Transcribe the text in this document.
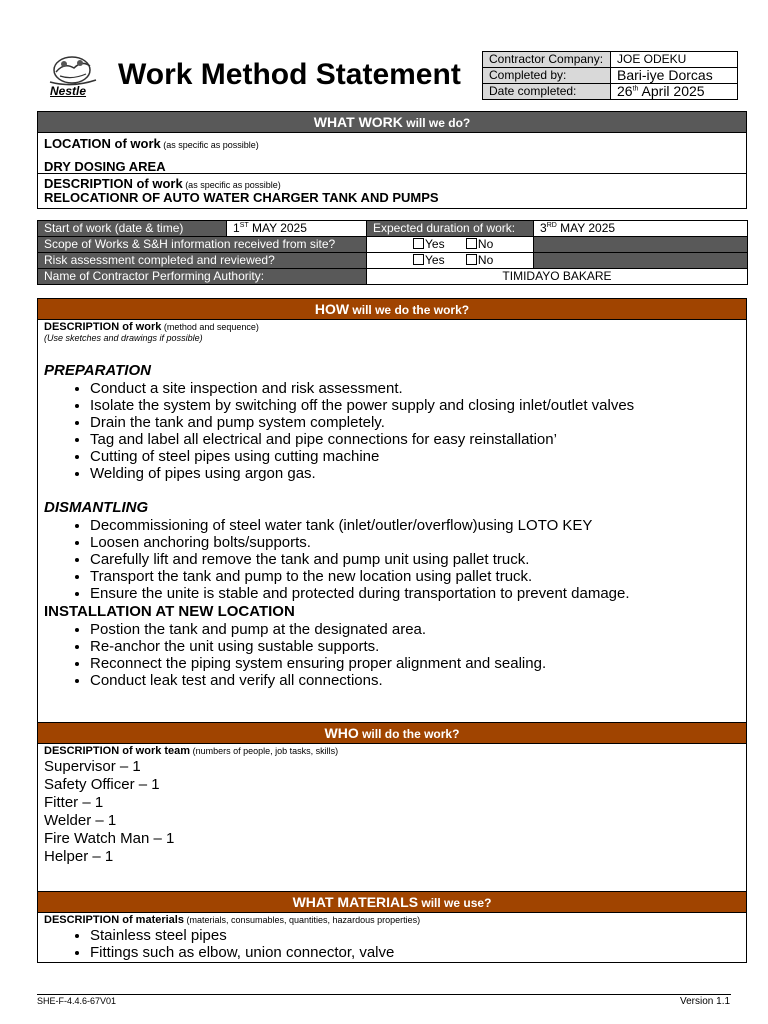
Nestle Work Method Statement Contractor Company:	JOE ODEKU
Completed by:	Bari-iye Dorcas
Date completed:	26th April 2025
WHAT WORK will we do?
LOCATION of work (as specific as possible)
DRY DOSING AREA
DESCRIPTION of work (as specific as possible)
RELOCATIONR OF AUTO WATER CHARGER TANK AND PUMPS
Start of work (date & time)	1ST MAY 2025	Expected duration of work:	3RD MAY 2025
Scope of Works & S&H information received from site?		Yes No	
Risk assessment completed and reviewed?		Yes No	
Name of Contractor Performing Authority:		TIMIDAYO BAKARE	
HOW will we do the work?
DESCRIPTION of work (method and sequence)
(Use sketches and drawings if possible)
PREPARATION
• Conduct a site inspection and risk assessment.
• Isolate the system by switching off the power supply and closing inlet/outlet valves
• Drain the tank and pump system completely.
• Tag and label all electrical and pipe connections for easy reinstallation’
• Cutting of steel pipes using cutting machine
• Welding of pipes using argon gas.
DISMANTLING
• Decommissioning of steel water tank (inlet/outler/overflow)using LOTO KEY
• Loosen anchoring bolts/supports.
• Carefully lift and remove the tank and pump unit using pallet truck.
• Transport the tank and pump to the new location using pallet truck.
• Ensure the unite is stable and protected during transportation to prevent damage.
INSTALLATION AT NEW LOCATION
• Postion the tank and pump at the designated area.
• Re-anchor the unit using sustable supports.
• Reconnect the piping system ensuring proper alignment and sealing.
• Conduct leak test and verify all connections.
WHO will do the work?
DESCRIPTION of work team (numbers of people, job tasks, skills)
Supervisor – 1
Safety Officer – 1
Fitter – 1
Welder – 1
Fire Watch Man – 1
Helper – 1
WHAT MATERIALS will we use?
DESCRIPTION of materials (materials, consumables, quantities, hazardous properties)
• Stainless steel pipes
• Fittings such as elbow, union connector, valve
SHE-F-4.4.6-67V01	Version 1.1
